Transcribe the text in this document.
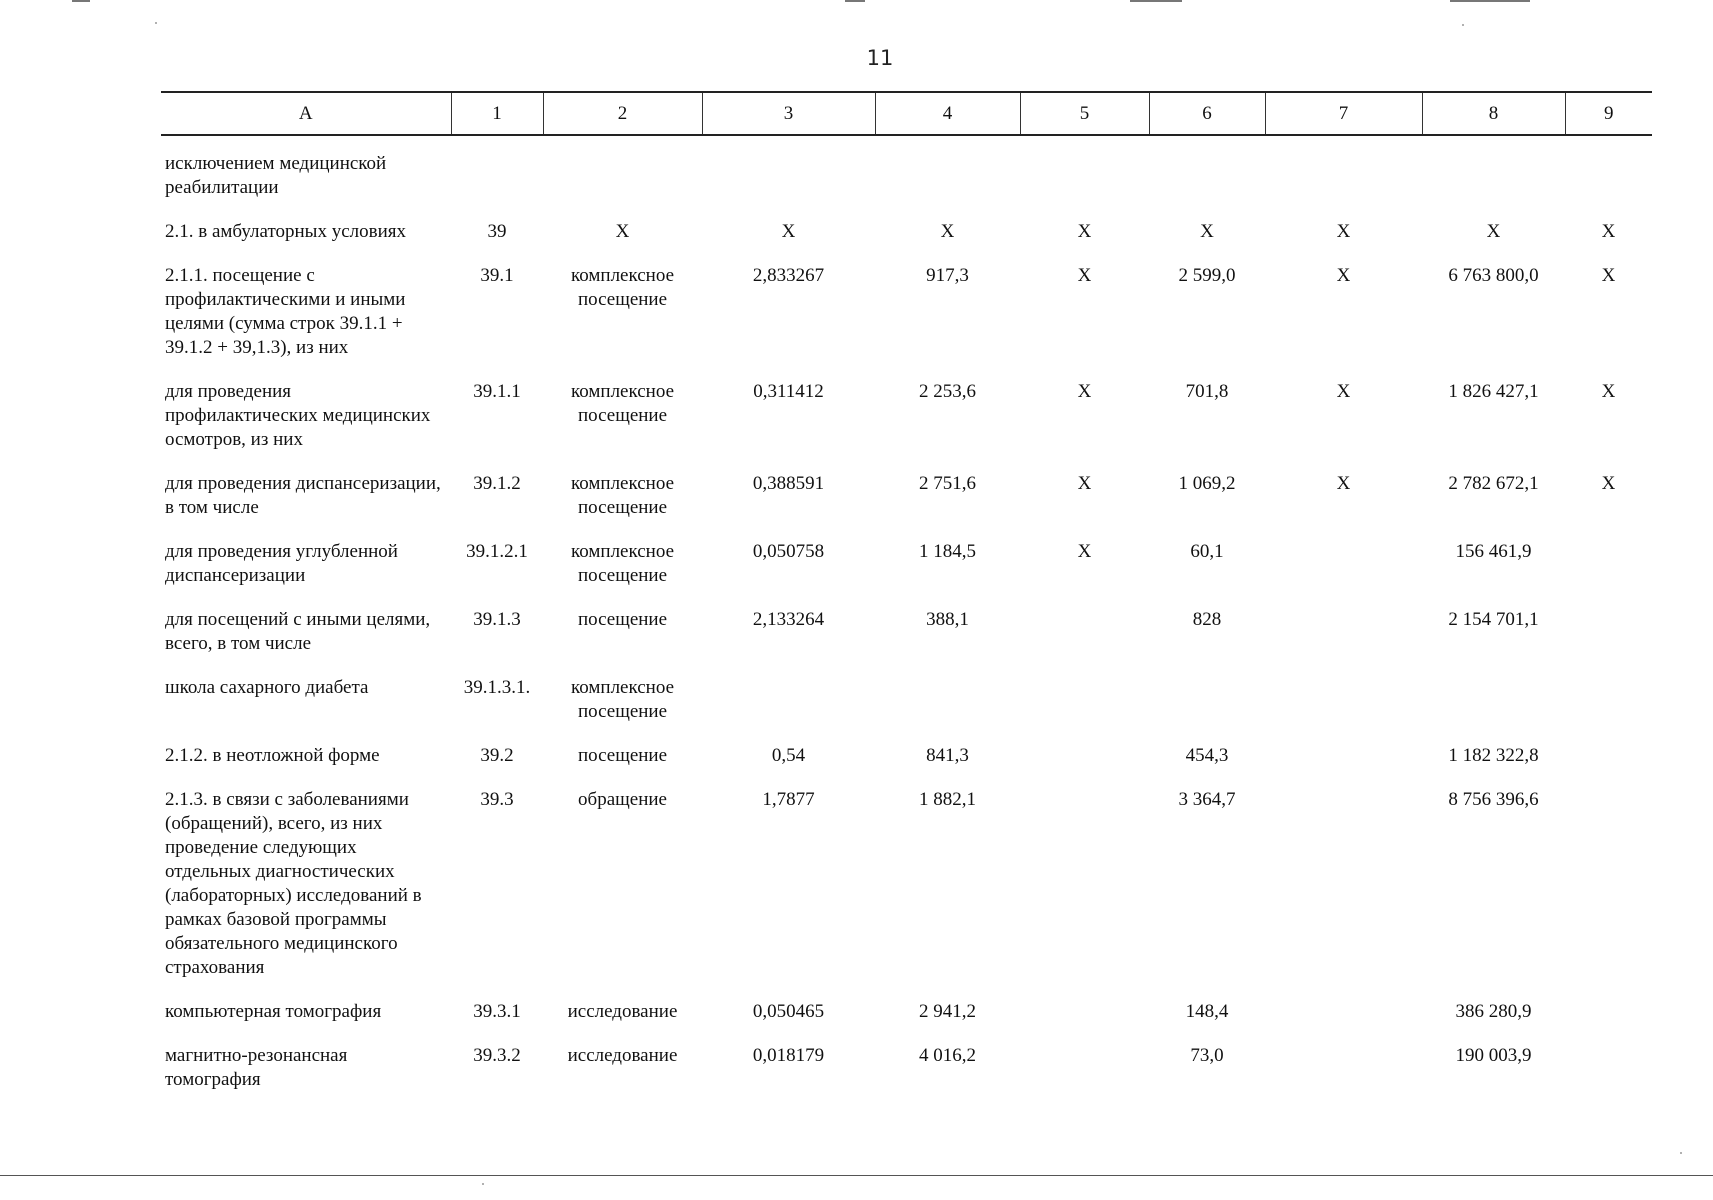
11
А	1	2	3	4	5	6	7	8	9
исключением медицинской реабилитации									
2.1. в амбулаторных условиях	39	X	X	X	X	X	X	X	X
2.1.1. посещение с профилактическими и иными целями (сумма строк 39.1.1 + 39.1.2 + 39,1.3), из них	39.1	комплексное посещение	2,833267	917,3	X	2 599,0	X	6 763 800,0	X
для проведения профилактических медицинских осмотров, из них	39.1.1	комплексное посещение	0,311412	2 253,6	X	701,8	X	1 826 427,1	X
для проведения диспансеризации, в том числе	39.1.2	комплексное посещение	0,388591	2 751,6	X	1 069,2	X	2 782 672,1	X
для проведения углубленной диспансеризации	39.1.2.1	комплексное посещение	0,050758	1 184,5	X	60,1		156 461,9	
для посещений с иными целями, всего, в том числе	39.1.3	посещение	2,133264	388,1		828		2 154 701,1	
школа сахарного диабета	39.1.3.1.	комплексное посещение							
2.1.2. в неотложной форме	39.2	посещение	0,54	841,3		454,3		1 182 322,8	
2.1.3. в связи с заболеваниями (обращений), всего, из них проведение следующих отдельных диагностических (лабораторных) исследований в рамках базовой программы обязательного медицинского страхования	39.3	обращение	1,7877	1 882,1		3 364,7		8 756 396,6	
компьютерная томография	39.3.1	исследование	0,050465	2 941,2		148,4		386 280,9	
магнитно-резонансная томография	39.3.2	исследование	0,018179	4 016,2		73,0		190 003,9	
